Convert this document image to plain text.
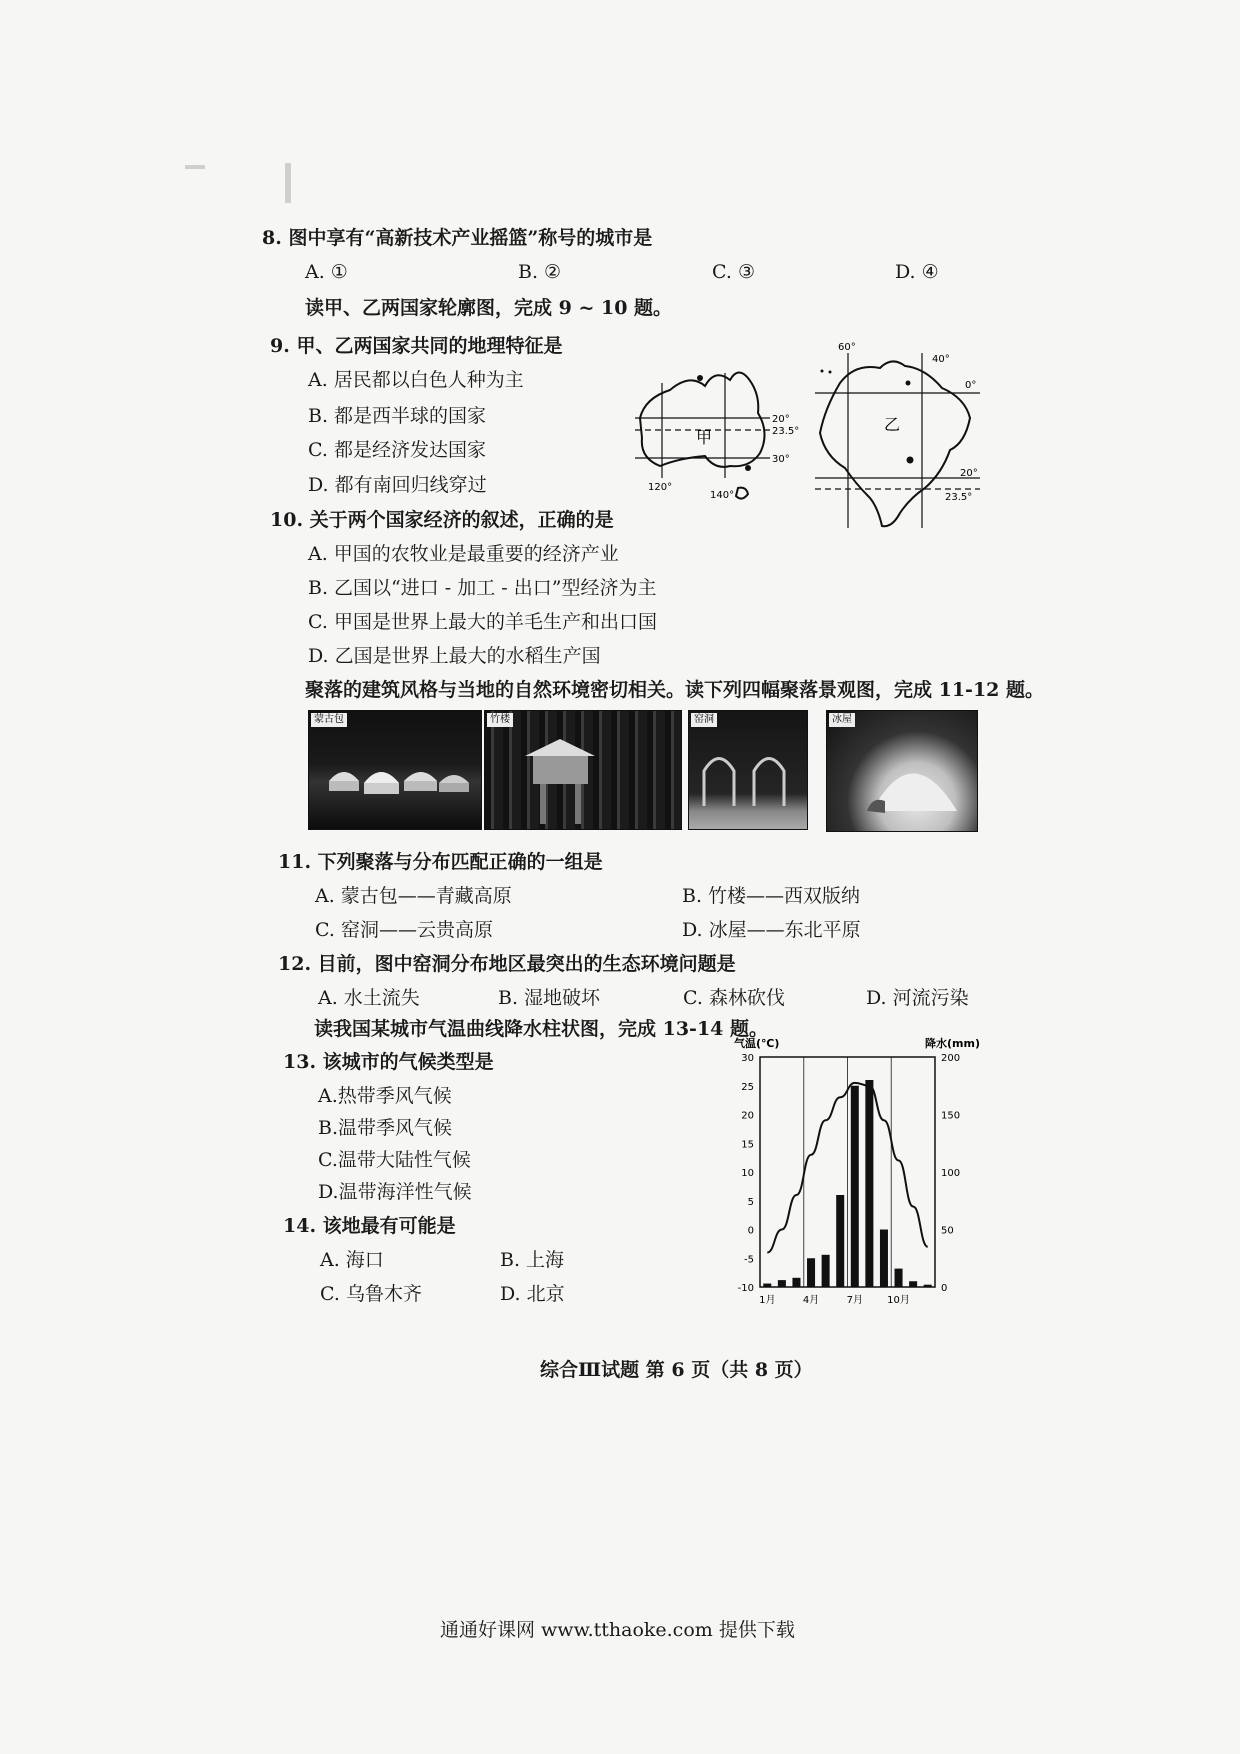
8. 图中享有“高新技术产业摇篮”称号的城市是
A. ①	B. ②	C. ③	D. ④
读甲、乙两国家轮廓图，完成 9 ~ 10 题。
9. 甲、乙两国家共同的地理特征是
A. 居民都以白色人种为主
B. 都是西半球的国家
C. 都是经济发达国家
D. 都有南回归线穿过
甲
20°
23.5°
30°
120°
140°
乙
60°
40°
0°
20°
23.5°
10. 关于两个国家经济的叙述，正确的是
A. 甲国的农牧业是最重要的经济产业
B. 乙国以“进口 - 加工 - 出口”型经济为主
C. 甲国是世界上最大的羊毛生产和出口国
D. 乙国是世界上最大的水稻生产国
聚落的建筑风格与当地的自然环境密切相关。读下列四幅聚落景观图，完成 11-12 题。
蒙古包	竹楼	窑洞	冰屋
11. 下列聚落与分布匹配正确的一组是
A. 蒙古包——青藏高原	B. 竹楼——西双版纳
C. 窑洞——云贵高原	D. 冰屋——东北平原
12. 目前，图中窑洞分布地区最突出的生态环境问题是
A. 水土流失	B. 湿地破坏	C. 森林砍伐	D. 河流污染
读我国某城市气温曲线降水柱状图，完成 13-14 题。
13. 该城市的气候类型是
A.热带季风气候
B.温带季风气候
C.温带大陆性气候
D.温带海洋性气候
14. 该地最有可能是
A. 海口	B. 上海
C. 乌鲁木齐	D. 北京
气温(℃)	降水(mm)
30
25
20
15
10
5
0
-5
-10
200
150
100
50
0
1月	4月	7月 10月
综合Ⅲ试题 第 6 页（共 8 页）
通通好课网 www.tthaoke.com 提供下载
